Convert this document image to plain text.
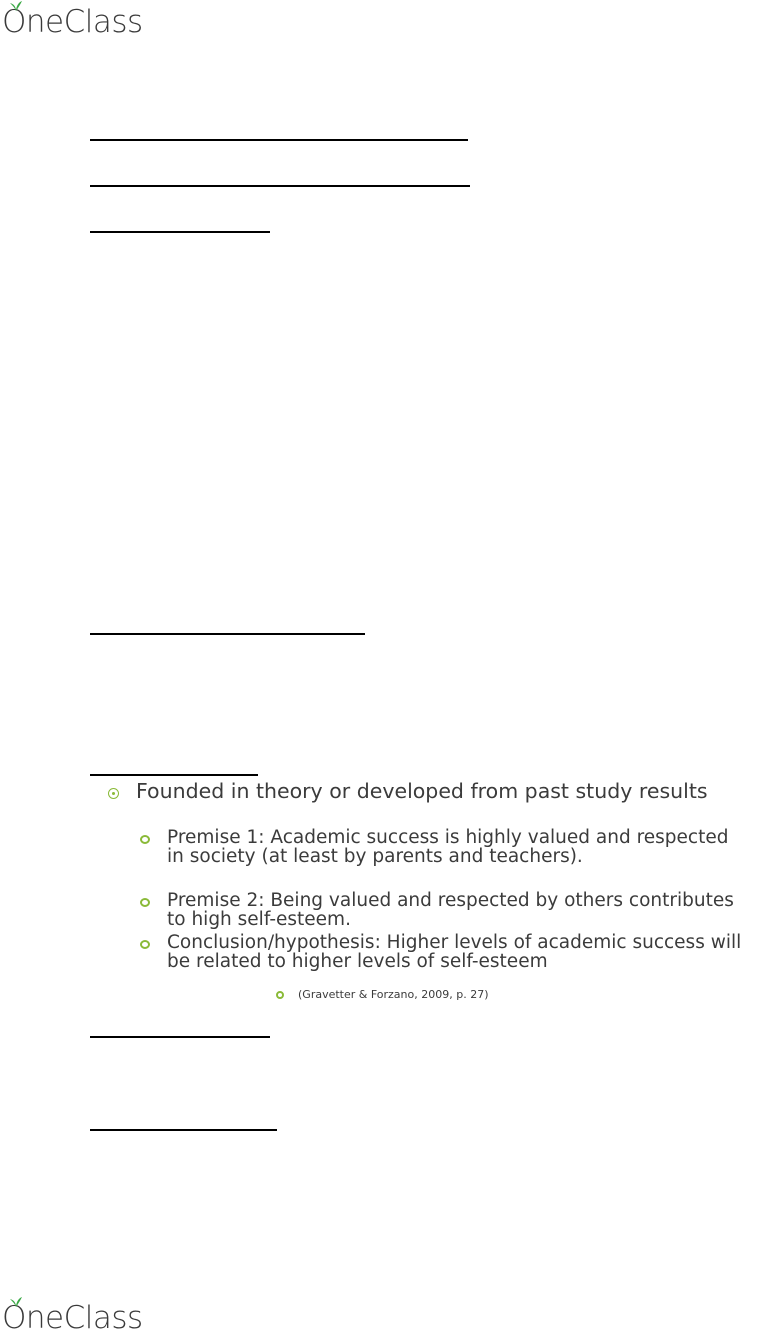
O
neClass
Founded in theory or developed from past study results
Premise 1: Academic success is highly valued and respected in society (at least by parents and teachers).
Premise 2: Being valued and respected by others contributes to high self-esteem.
Conclusion/hypothesis: Higher levels of academic success will be related to higher levels of self-esteem
(Gravetter & Forzano, 2009, p. 27)
O
neClass
